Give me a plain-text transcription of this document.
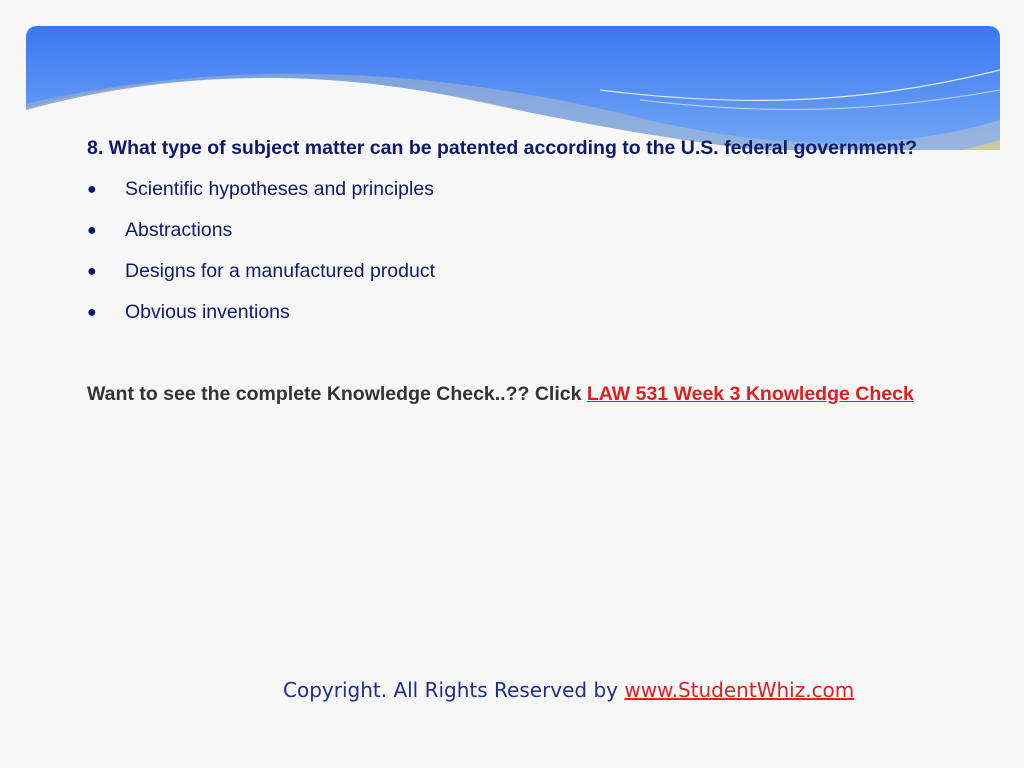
8. What type of subject matter can be patented according to the U.S. federal government?

● Scientific hypotheses and principles
● Abstractions
● Designs for a manufactured product
● Obvious inventions
Want to see the complete Knowledge Check..?? Click LAW 531 Week 3 Knowledge Check
Copyright. All Rights Reserved by www.StudentWhiz.com
